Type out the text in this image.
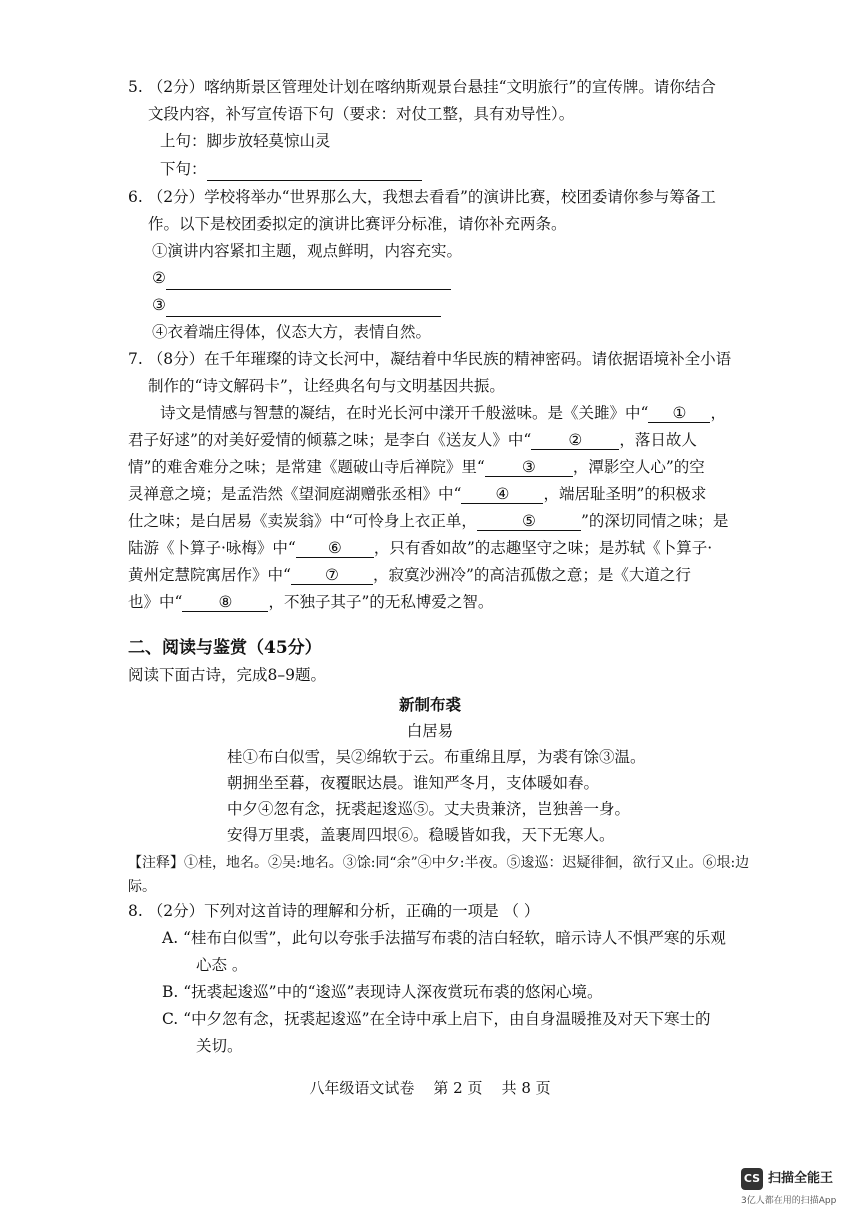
5. （2分）喀纳斯景区管理处计划在喀纳斯观景台悬挂“文明旅行”的宣传牌。请你结合
文段内容，补写宣传语下句（要求：对仗工整，具有劝导性）。
上句：脚步放轻莫惊山灵
下句：
6. （2分）学校将举办“世界那么大，我想去看看”的演讲比赛，校团委请你参与筹备工
作。以下是校团委拟定的演讲比赛评分标准，请你补充两条。
①演讲内容紧扣主题，观点鲜明，内容充实。
②
③
④衣着端庄得体，仪态大方，表情自然。
7. （8分）在千年璀璨的诗文长河中，凝结着中华民族的精神密码。请依据语境补全小语
制作的“诗文解码卡”，让经典名句与文明基因共振。
诗文是情感与智慧的凝结，在时光长河中漾开千般滋味。是《关雎》中“ ① ，
君子好逑”的对美好爱情的倾慕之味；是李白《送友人》中“ ② ，落日故人
情”的难舍难分之味；是常建《题破山寺后禅院》里“ ③ ，潭影空人心”的空
灵禅意之境；是孟浩然《望洞庭湖赠张丞相》中“ ④ ，端居耻圣明”的积极求
仕之味；是白居易《卖炭翁》中“可怜身上衣正单，	⑤	”的深切同情之味；是
陆游《卜算子·咏梅》中“ ⑥ ，只有香如故”的志趣坚守之味；是苏轼《卜算子·
黄州定慧院寓居作》中“ ⑦ ，寂寞沙洲冷”的高洁孤傲之意；是《大道之行
也》中“ ⑧ ，不独子其子”的无私博爱之智。
二、阅读与鉴赏（45分）
阅读下面古诗，完成8–9题。
新制布裘
白居易
桂①布白似雪，吴②绵软于云。布重绵且厚，为裘有馀③温。
朝拥坐至暮，夜覆眠达晨。谁知严冬月，支体暖如春。
中夕④忽有念，抚裘起逡巡⑤。丈夫贵兼济，岂独善一身。
安得万里裘，盖裹周四垠⑥。稳暖皆如我，天下无寒人。
【注释】①桂，地名。②吴:地名。③馀:同“余”④中夕:半夜。⑤逡巡：迟疑徘徊，欲行又止。⑥垠:边
际。
8. （2分）下列对这首诗的理解和分析，正确的一项是 （ ）
A. “桂布白似雪”，此句以夸张手法描写布裘的洁白轻软，暗示诗人不惧严寒的乐观
心态 。
B. “抚裘起逡巡”中的“逡巡”表现诗人深夜赏玩布裘的悠闲心境。
C. “中夕忽有念，抚裘起逡巡”在全诗中承上启下，由自身温暖推及对天下寒士的
关切。
八年级语文试卷    第 2 页    共 8 页
CS 扫描全能王
3亿人都在用的扫描App
